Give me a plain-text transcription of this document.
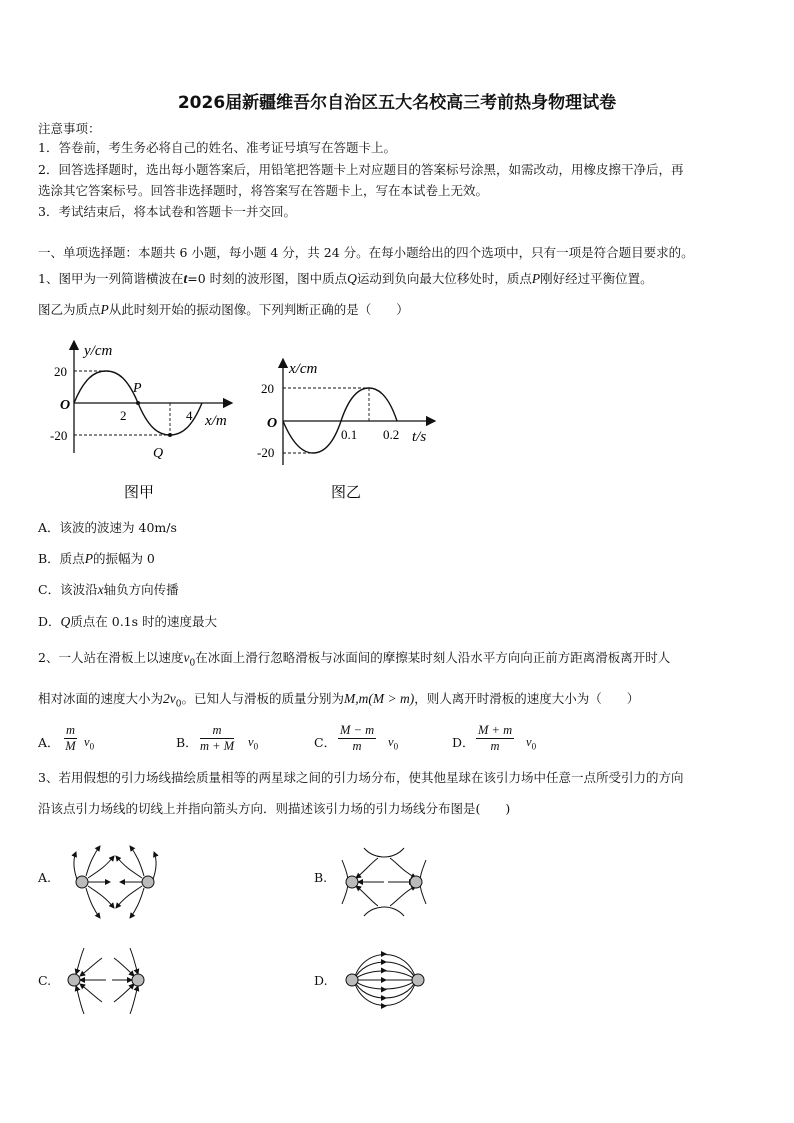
2026届新疆维吾尔自治区五大名校高三考前热身物理试卷
注意事项：
1．答卷前，考生务必将自己的姓名、准考证号填写在答题卡上。
2．回答选择题时，选出每小题答案后，用铅笔把答题卡上对应题目的答案标号涂黑，如需改动，用橡皮擦干净后，再
选涂其它答案标号。回答非选择题时，将答案写在答题卡上，写在本试卷上无效。
3．考试结束后，将本试卷和答题卡一并交回。
一、单项选择题：本题共 6 小题，每小题 4 分，共 24 分。在每小题给出的四个选项中，只有一项是符合题目要求的。
1、图甲为一列简谐横波在t=0 时刻的波形图，图中质点Q运动到负向最大位移处时，质点P刚好经过平衡位置。
图乙为质点P从此时刻开始的振动图像。下列判断正确的是（　　）
y/cm
20
O
-20
2	4
P
Q
x/m
图甲
x/cm
20
O
-20
0.1 0.2 t/s
图乙
A．该波的波速为 40m/s
B．质点P的振幅为 0
C．该波沿x轴负方向传播
D．Q质点在 0.1s 时的速度最大
2、一人站在滑板上以速度$v_0$在冰面上滑行忽略滑板与冰面间的摩擦某时刻人沿水平方向向正前方距离滑板离开时人
相对冰面的速度大小为$2v_0$。已知人与滑板的质量分别为M,m(M > m)，则人离开时滑板的速度大小为（　　）
A． $\frac{m}{M} v_0$	B． $\frac{m}{m + M} v_0$	C． $\frac{M - m}{m} v_0$	D． $\frac{M + m}{m} v_0$
3、若用假想的引力场线描绘质量相等的两星球之间的引力场分布，使其他星球在该引力场中任意一点所受引力的方向
沿该点引力场线的切线上并指向箭头方向．则描述该引力场的引力场线分布图是(　　)
A.	B.
C.	D.
